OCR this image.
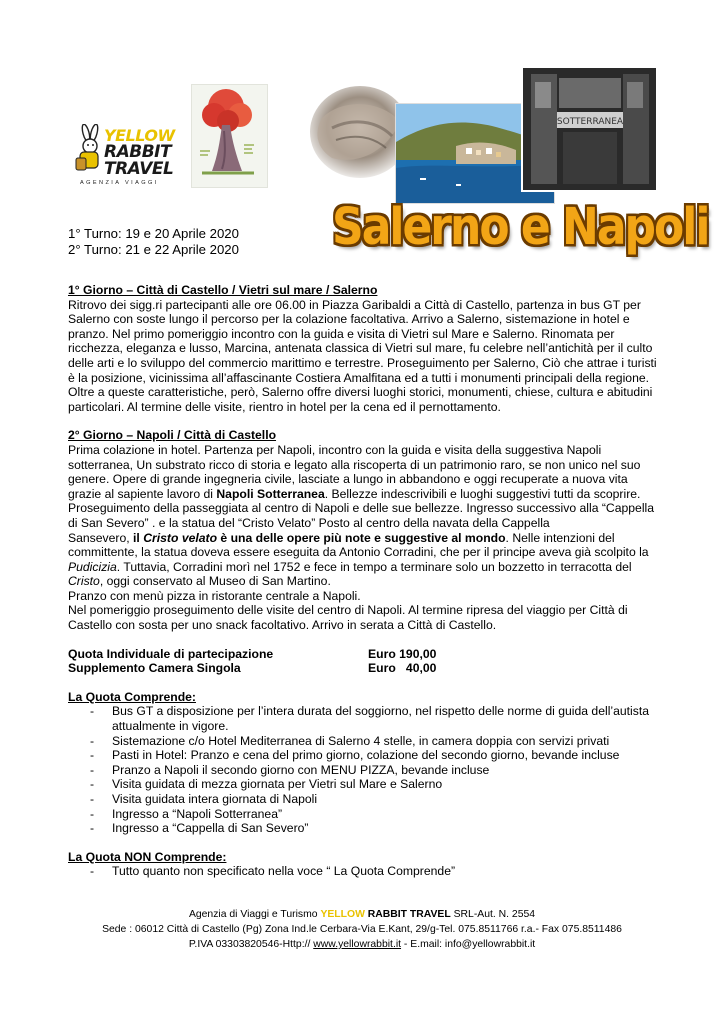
YELLOW
RABBIT
TRAVEL
AGENZIA VIAGGI
SOTTERRANEA
Salerno e Napoli
1° Turno: 19 e 20 Aprile 2020
2° Turno: 21 e 22 Aprile 2020

1° Giorno – Città di Castello / Vietri sul mare / Salerno

Ritrovo dei sigg.ri partecipanti alle ore 06.00 in Piazza Garibaldi a Città di Castello, partenza in bus GT per Salerno con soste lungo il percorso per la colazione facoltativa. Arrivo a Salerno, sistemazione in hotel e pranzo. Nel primo pomeriggio incontro con la guida e visita di Vietri sul Mare e Salerno. Rinomata per ricchezza, eleganza e lusso, Marcina, antenata classica di Vietri sul mare, fu celebre nell’antichità per il culto delle arti e lo sviluppo del commercio marittimo e terrestre. Proseguimento per Salerno, Ciò che attrae i turisti è la posizione, vicinissima all’affascinante Costiera Amalfitana ed a tutti i monumenti principali della regione. Oltre a queste caratteristiche, però, Salerno offre diversi luoghi storici, monumenti, chiese, cultura e abitudini particolari. Al termine delle visite, rientro in hotel per la cena ed il pernottamento.

2° Giorno – Napoli / Città di Castello

Prima colazione in hotel. Partenza per Napoli, incontro con la guida e visita della suggestiva Napoli sotterranea, Un substrato ricco di storia e legato alla riscoperta di un patrimonio raro, se non unico nel suo genere. Opere di grande ingegneria civile, lasciate a lungo in abbandono e oggi recuperate a nuova vita grazie al sapiente lavoro di Napoli Sotterranea. Bellezze indescrivibili e luoghi suggestivi tutti da scoprire. Proseguimento della passeggiata al centro di Napoli e delle sue bellezze. Ingresso successivo alla “Cappella di San Severo” . e la statua del “Cristo Velato” Posto al centro della navata della Cappella

Sansevero, il Cristo velato è una delle opere più note e suggestive al mondo. Nelle intenzioni del committente, la statua doveva essere eseguita da Antonio Corradini, che per il principe aveva già scolpito la Pudicizia. Tuttavia, Corradini morì nel 1752 e fece in tempo a terminare solo un bozzetto in terracotta del Cristo, oggi conservato al Museo di San Martino.

Pranzo con menù pizza in ristorante centrale a Napoli.

Nel pomeriggio proseguimento delle visite del centro di Napoli. Al termine ripresa del viaggio per Città di Castello con sosta per uno snack facoltativo. Arrivo in serata a Città di Castello.

Quota Individuale di partecipazione	Euro 190,00
Supplemento Camera Singola	Euro   40,00

La Quota Comprende:

- Bus GT a disposizione per l’intera durata del soggiorno, nel rispetto delle norme di guida dell’autista attualmente in vigore.
- Sistemazione c/o Hotel Mediterranea di Salerno 4 stelle, in camera doppia con servizi privati
- Pasti in Hotel: Pranzo e cena del primo giorno, colazione del secondo giorno, bevande incluse
- Pranzo a Napoli il secondo giorno con MENU PIZZA, bevande incluse
- Visita guidata di mezza giornata per Vietri sul Mare e Salerno
- Visita guidata intera giornata di Napoli
- Ingresso a “Napoli Sotterranea”
- Ingresso a “Cappella di San Severo”

La Quota NON Comprende:

- Tutto quanto non specificato nella voce “ La Quota Comprende”
Agenzia di Viaggi e Turismo YELLOW RABBIT TRAVEL SRL-Aut. N. 2554
Sede : 06012 Città di Castello (Pg) Zona Ind.le Cerbara-Via E.Kant, 29/g-Tel. 075.8511766 r.a.- Fax 075.8511486
P.IVA 03303820546-Http:// www.yellowrabbit.it - E.mail: info@yellowrabbit.it
